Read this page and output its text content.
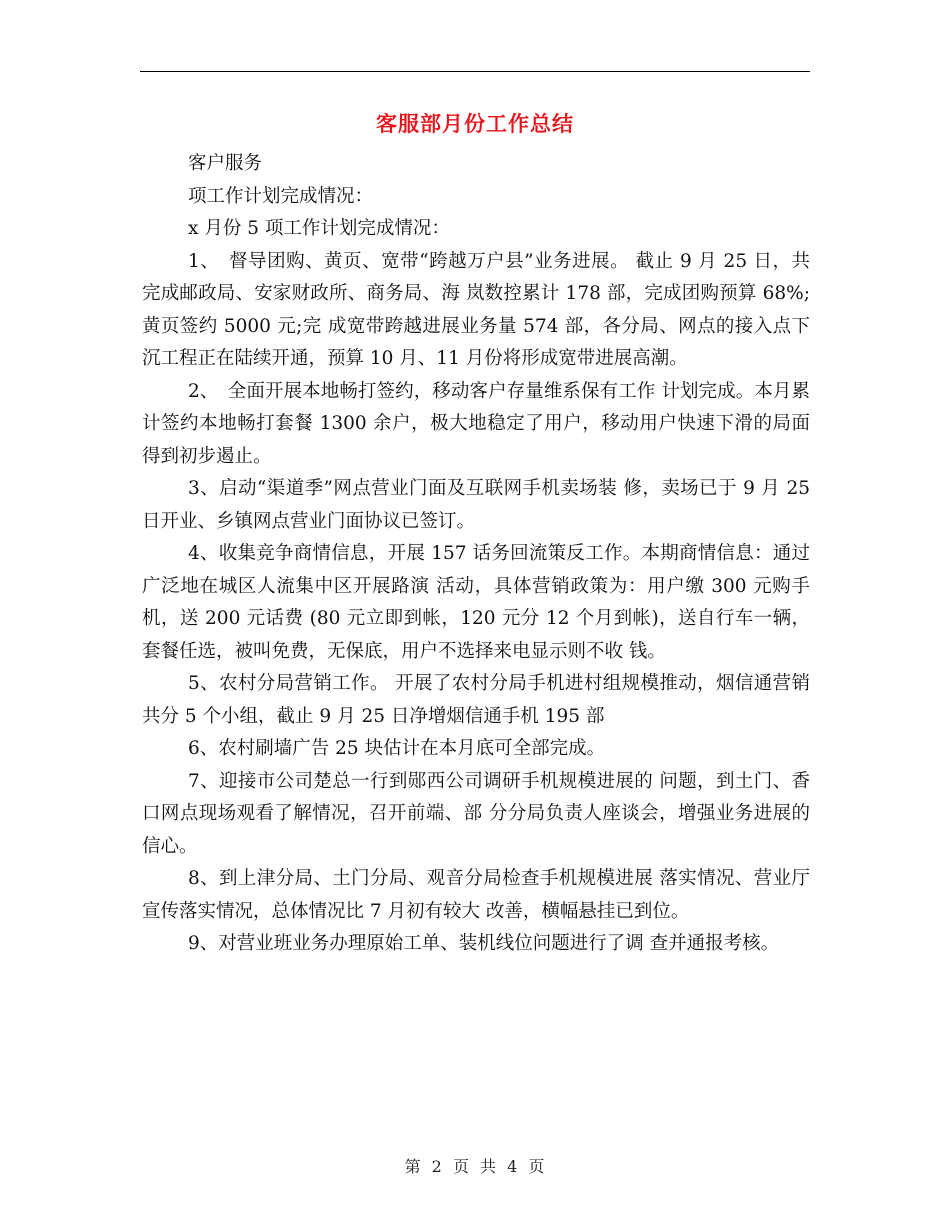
客服部月份工作总结

客户服务

项工作计划完成情况：

x 月份 5 项工作计划完成情况：

1、　督导团购、黄页、宽带“跨越万户县”业务进展。 截止 9 月 25 日，共完成邮政局、安家财政所、商务局、海 岚数控累计 178 部，完成团购预算 68%;黄页签约 5000 元;完 成宽带跨越进展业务量 574 部，各分局、网点的接入点下沉工程正在陆续开通，预算 10 月、11 月份将形成宽带进展高潮。

2、　全面开展本地畅打签约，移动客户存量维系保有工作 计划完成。本月累计签约本地畅打套餐 1300 余户，极大地稳定了用户，移动用户快速下滑的局面得到初步遏止。

3、启动“渠道季”网点营业门面及互联网手机卖场装 修，卖场已于 9 月 25 日开业、乡镇网点营业门面协议已签订。

4、收集竞争商情信息，开展 157 话务回流策反工作。本期商情信息：通过广泛地在城区人流集中区开展路演 活动，具体营销政策为：用户缴 300 元购手机，送 200 元话费 (80 元立即到帐，120 元分 12 个月到帐)，送自行车一辆，套餐任选，被叫免费，无保底，用户不选择来电显示则不收 钱。

5、农村分局营销工作。 开展了农村分局手机进村组规模推动，烟信通营销共分 5 个小组，截止 9 月 25 日净增烟信通手机 195 部

6、农村刷墙广告 25 块估计在本月底可全部完成。

7、迎接市公司楚总一行到郧西公司调研手机规模进展的 问题，到土门、香口网点现场观看了解情况，召开前端、部 分分局负责人座谈会，增强业务进展的信心。

8、到上津分局、土门分局、观音分局检查手机规模进展 落实情况、营业厅宣传落实情况，总体情况比 7 月初有较大 改善，横幅悬挂已到位。

9、对营业班业务办理原始工单、装机线位问题进行了调 查并通报考核。

第 2 页 共 4 页
